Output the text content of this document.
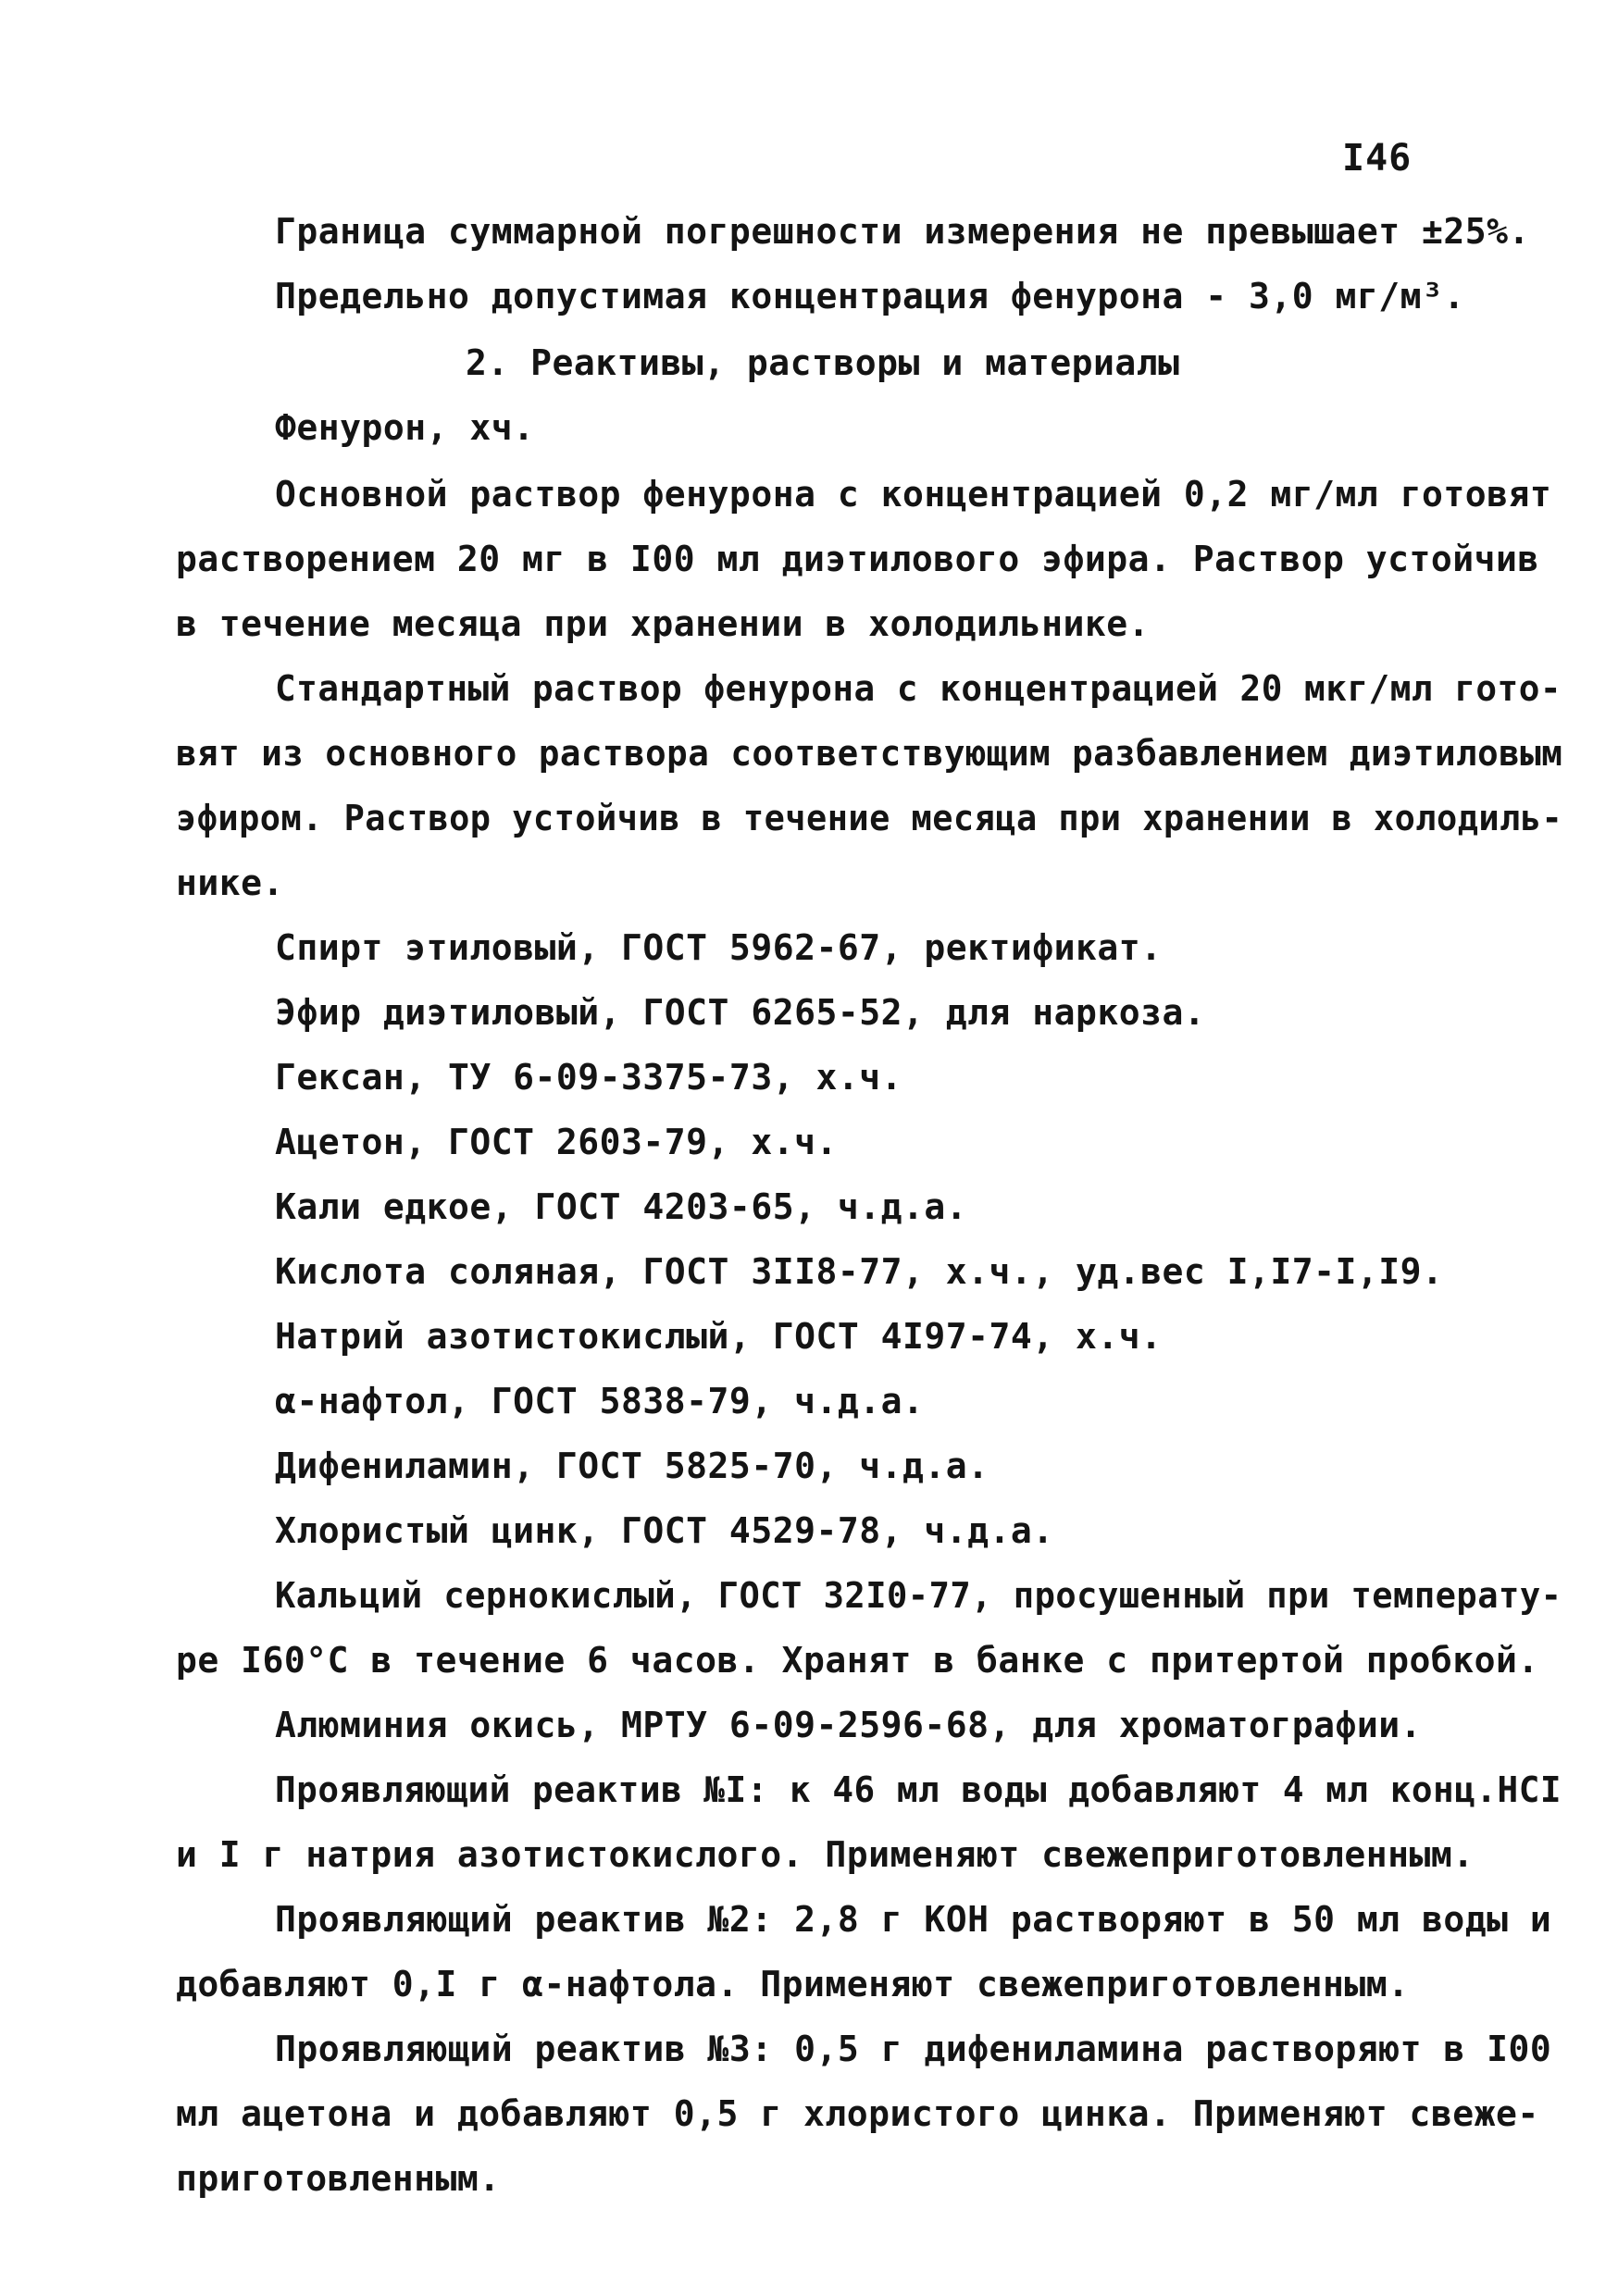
I46
Граница суммарной погрешности измерения не превышает ±25%.
Предельно допустимая концентрация фенурона - 3,0 мг/м³.
2. Реактивы, растворы и материалы
Фенурон, хч.
Основной раствор фенурона с концентрацией 0,2 мг/мл готовят
растворением 20 мг в I00 мл диэтилового эфира. Раствор устойчив
в течение месяца при хранении в холодильнике.
Стандартный раствор фенурона с концентрацией 20 мкг/мл гото-
вят из основного раствора соответствующим разбавлением диэтиловым
эфиром. Раствор устойчив в течение месяца при хранении в холодиль-
нике.
Спирт этиловый, ГОСТ 5962-67, ректификат.
Эфир диэтиловый, ГОСТ 6265-52, для наркоза.
Гексан, ТУ 6-09-3375-73, х.ч.
Ацетон, ГОСТ 2603-79, х.ч.
Кали едкое, ГОСТ 4203-65, ч.д.а.
Кислота соляная, ГОСТ 3II8-77, х.ч., уд.вес I,I7-I,I9.
Натрий азотистокислый, ГОСТ 4I97-74, х.ч.
α-нафтол, ГОСТ 5838-79, ч.д.а.
Дифениламин, ГОСТ 5825-70, ч.д.а.
Хлористый цинк, ГОСТ 4529-78, ч.д.а.
Кальций сернокислый, ГОСТ 32I0-77, просушенный при температу-
ре I60°С в течение 6 часов. Хранят в банке с притертой пробкой.
Алюминия окись, МРТУ 6-09-2596-68, для хроматографии.
Проявляющий реактив №I: к 46 мл воды добавляют 4 мл конц.HCI
и I г натрия азотистокислого. Применяют свежеприготовленным.
Проявляющий реактив №2: 2,8 г КОН растворяют в 50 мл воды и
добавляют 0,I г α-нафтола. Применяют свежеприготовленным.
Проявляющий реактив №3: 0,5 г дифениламина растворяют в I00
мл ацетона и добавляют 0,5 г хлористого цинка. Применяют свеже-
приготовленным.
